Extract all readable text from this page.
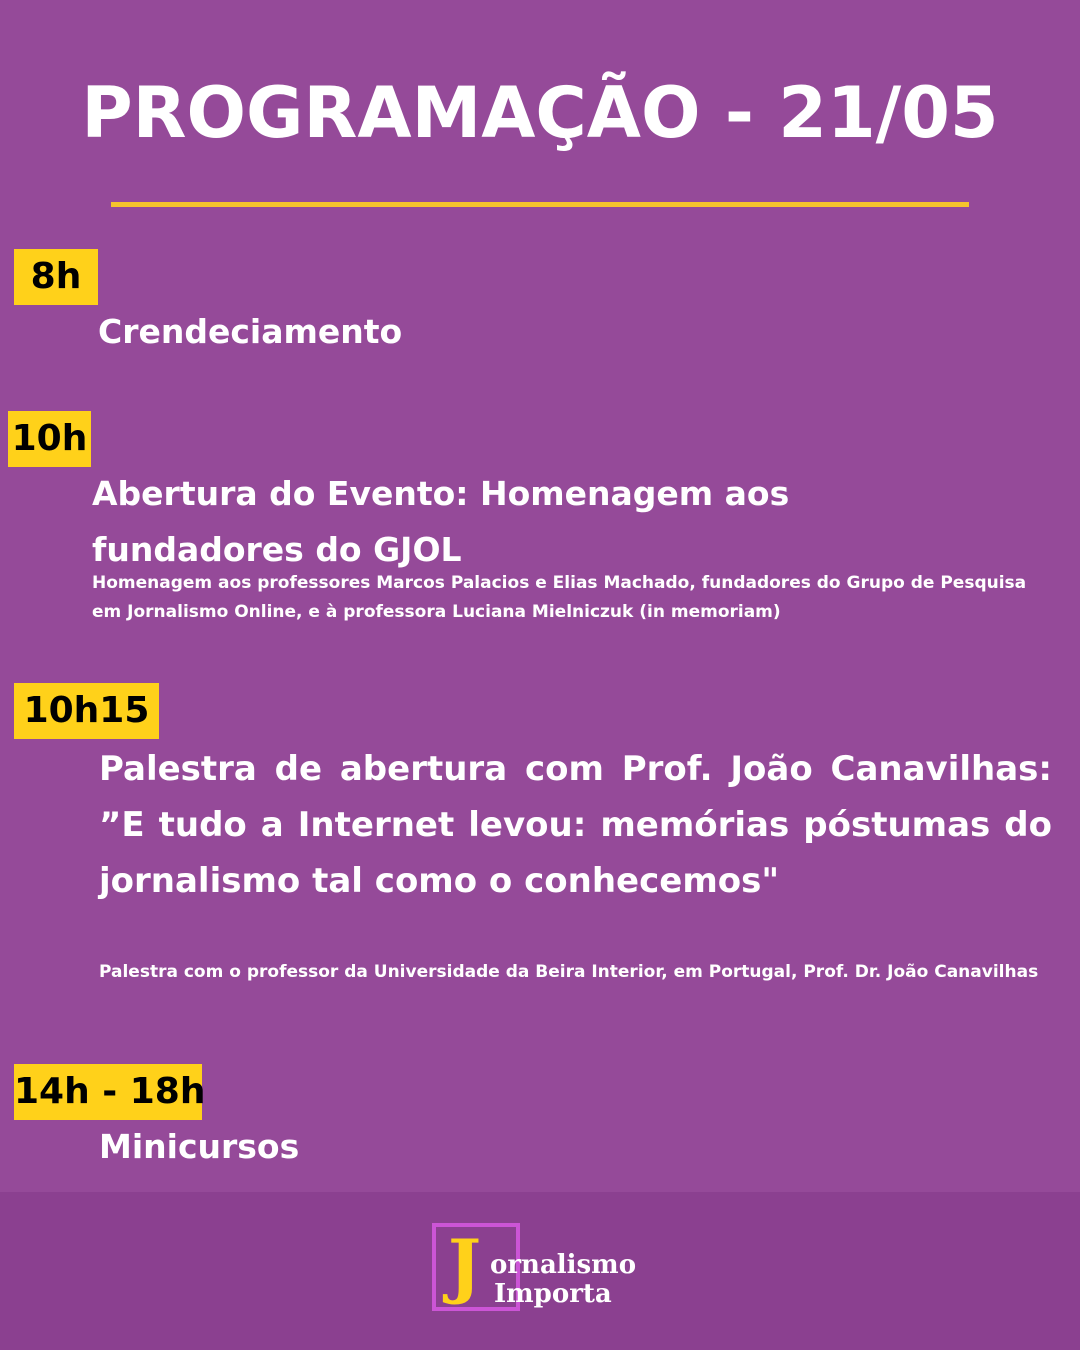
PROGRAMAÇÃO - 21/05
8h
Crendeciamento
10h
Abertura do Evento: Homenagem aos
fundadores do GJOL
Homenagem aos professores Marcos Palacios e Elias Machado, fundadores do Grupo de Pesquisa em Jornalismo Online, e à professora Luciana Mielniczuk (in memoriam)
10h15
Palestra de abertura com Prof. João Canavilhas: ”E tudo a Internet levou: memórias póstumas do jornalismo tal como o conhecemos"
Palestra com o professor da Universidade da Beira Interior, em Portugal, Prof. Dr. João Canavilhas
14h - 18h
Minicursos
J ornalismo
Importa
